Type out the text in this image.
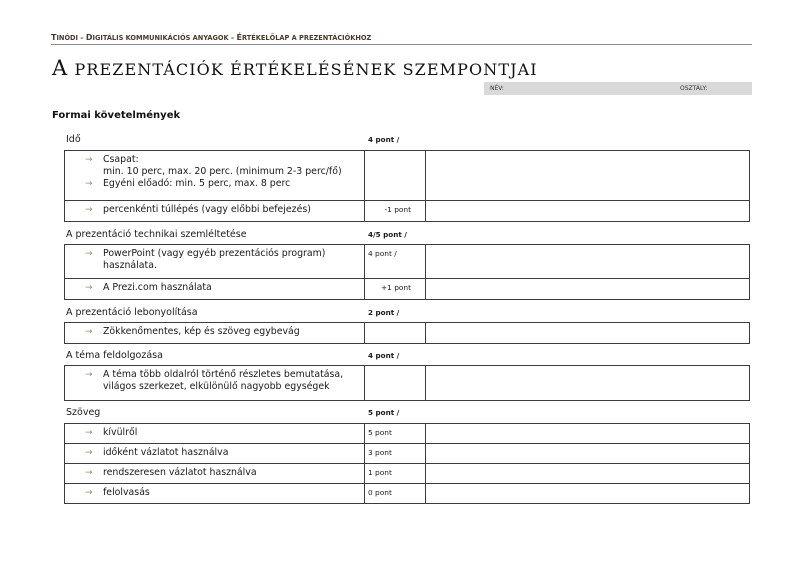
TINÓDI – DIGITÁLIS KOMMUNIKÁCIÓS ANYAGOK – ÉRTÉKELŐLAP A PREZENTÁCIÓKHOZ
A PREZENTÁCIÓK ÉRTÉKELÉSÉNEK SZEMPONTJAI
NÉV:	OSZTÁLY:
Formai követelmények
Idő	4 pont /
→ Csapat:
min. 10 perc, max. 20 perc. (minimum 2-3 perc/fő)
→ Egyéni előadó: min. 5 perc, max. 8 perc		

→ percenkénti túllépés (vagy előbbi befejezés)	-1 pont	

A prezentáció technikai szemléltetése	4/5 pont /
→ PowerPoint (vagy egyéb prezentációs program)
használata.	4 pont /	

→ A Prezi.com használata	+1 pont	

A prezentáció lebonyolítása	2 pont /
→ Zökkenőmentes, kép és szöveg egybevág

A téma feldolgozása	4 pont /
→ A téma több oldalról történő részletes bemutatása,
világos szerkezet, elkülönülő nagyobb egységek

Szöveg	5 pont /
→ kívülről	5 pont	

→ időként vázlatot használva	3 pont	

→ rendszeresen vázlatot használva	1 pont	

→ felolvasás	0 pont	
